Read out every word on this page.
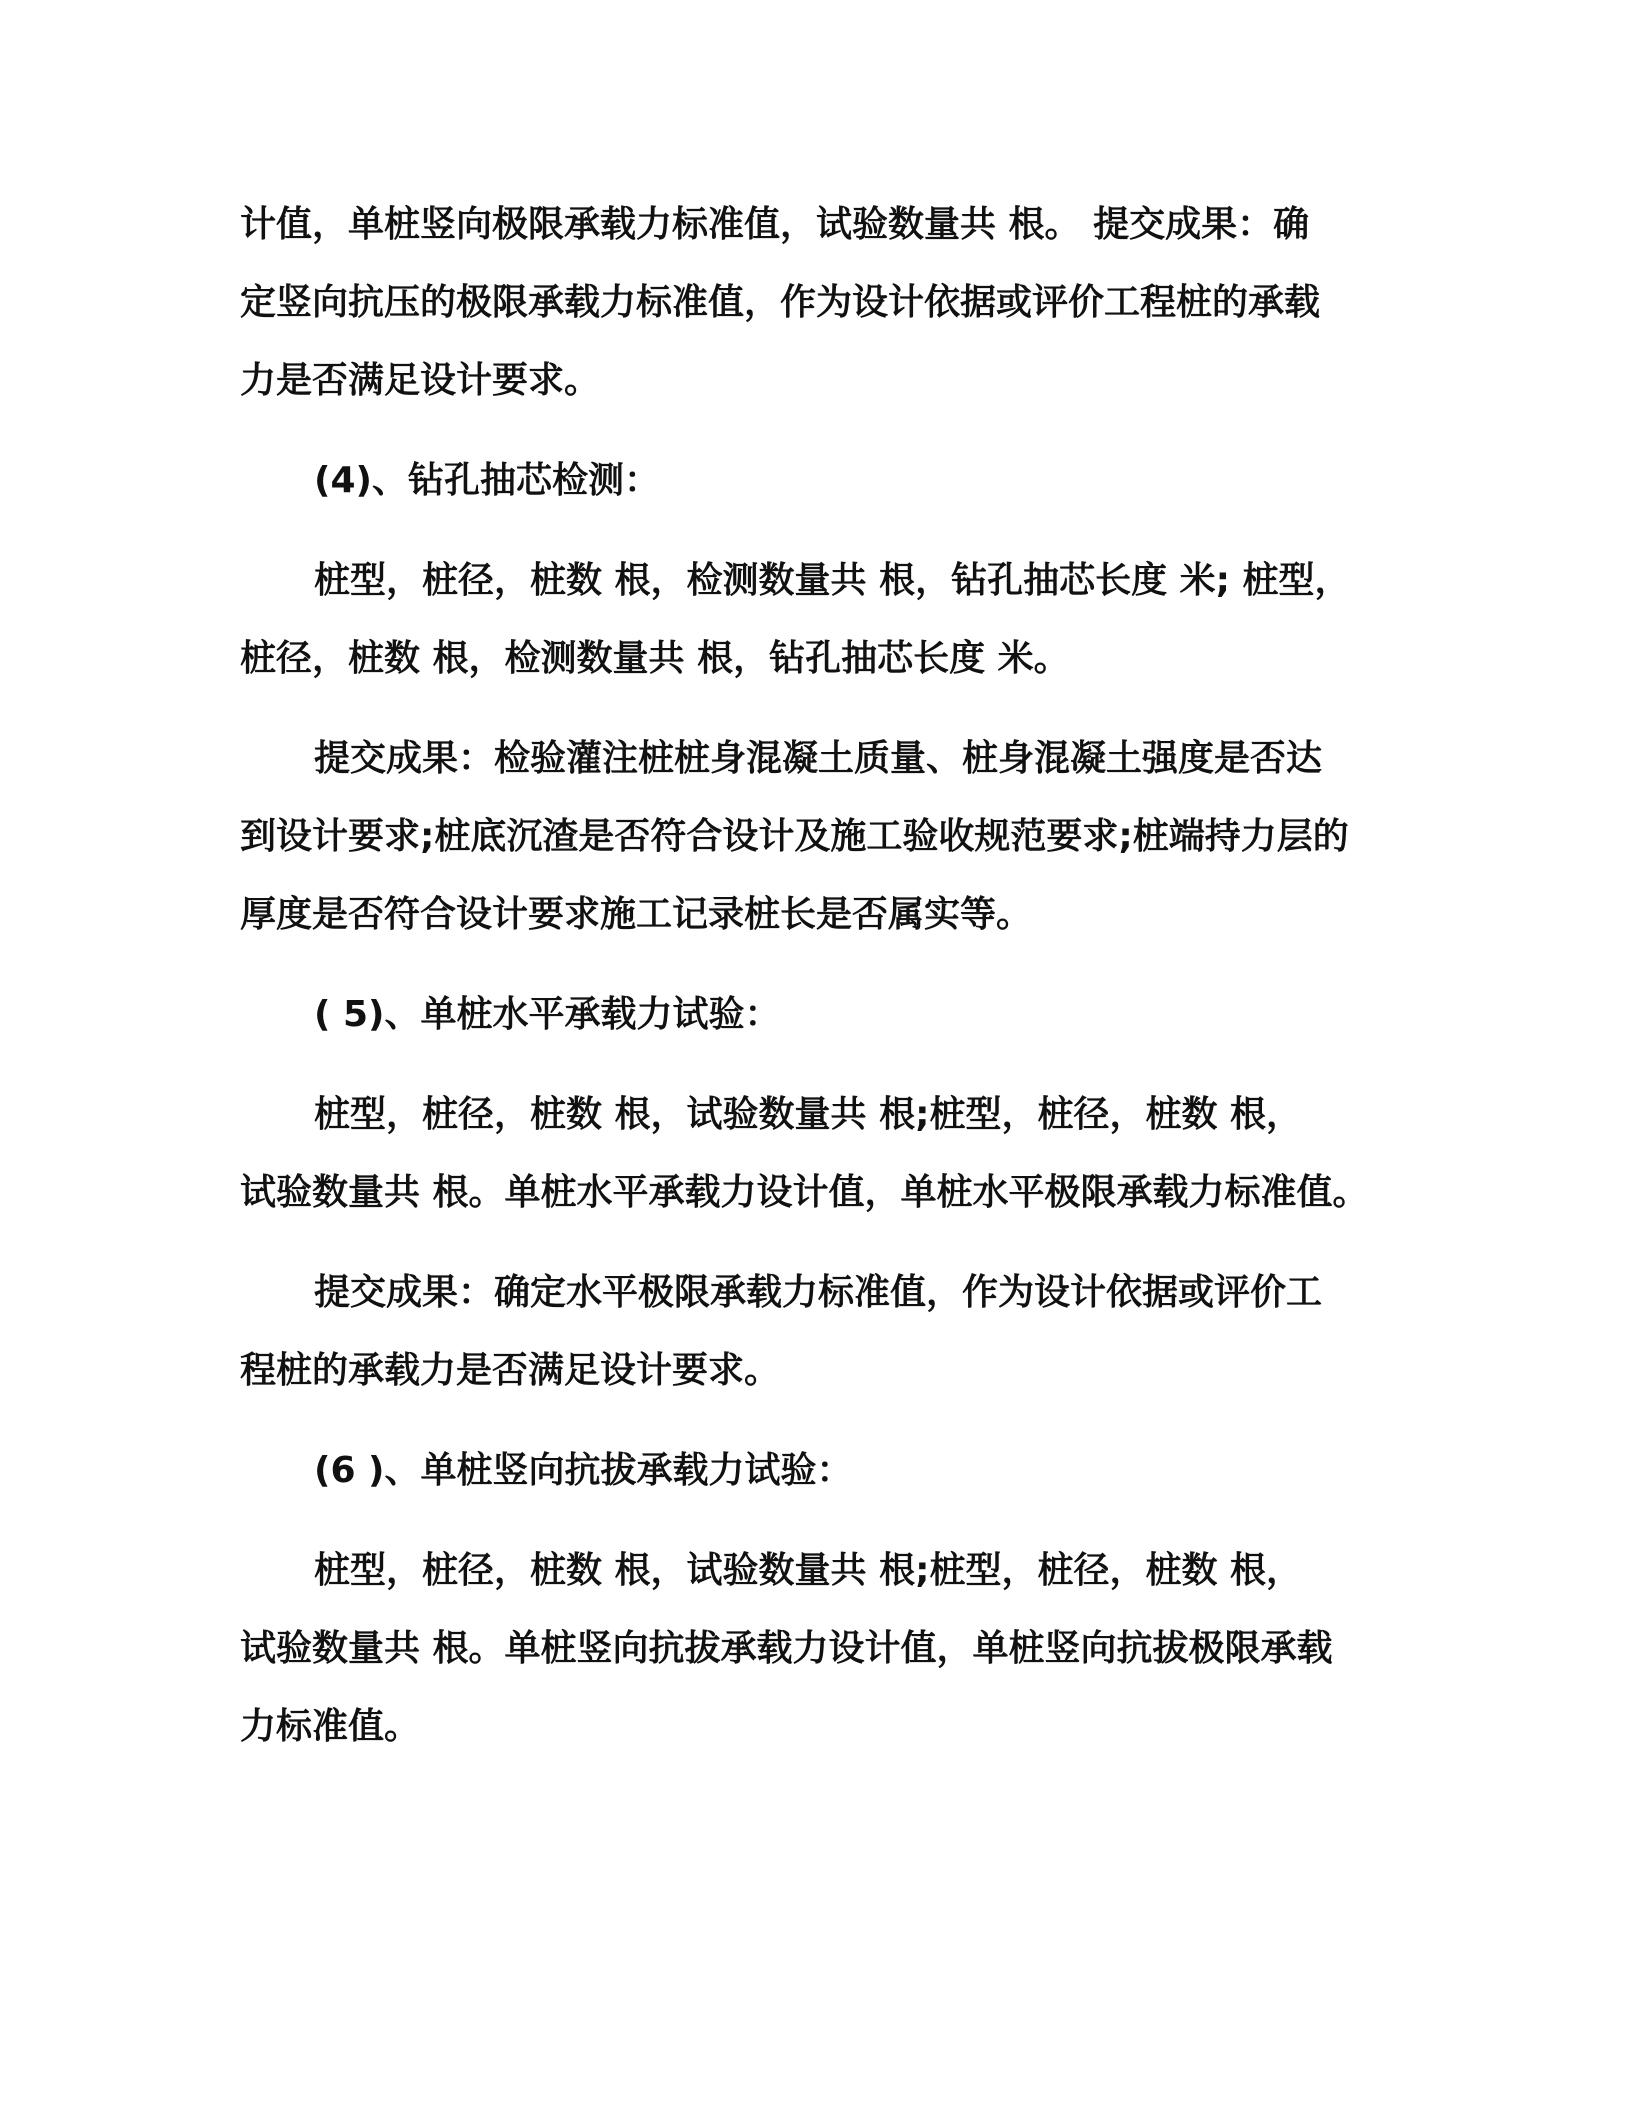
计值，单桩竖向极限承载力标准值，试验数量共 根。 提交成果：确
定竖向抗压的极限承载力标准值，作为设计依据或评价工程桩的承载
力是否满足设计要求。

(4)、钻孔抽芯检测：

桩型，桩径，桩数 根，检测数量共 根，钻孔抽芯长度 米; 桩型，
桩径，桩数 根，检测数量共 根，钻孔抽芯长度 米。

提交成果：检验灌注桩桩身混凝土质量、桩身混凝土强度是否达
到设计要求;桩底沉渣是否符合设计及施工验收规范要求;桩端持力层的
厚度是否符合设计要求施工记录桩长是否属实等。

( 5)、单桩水平承载力试验：

桩型，桩径，桩数 根，试验数量共 根;桩型，桩径，桩数 根，
试验数量共 根。单桩水平承载力设计值，单桩水平极限承载力标准值。

提交成果：确定水平极限承载力标准值，作为设计依据或评价工
程桩的承载力是否满足设计要求。

(6 )、单桩竖向抗拔承载力试验：

桩型，桩径，桩数 根，试验数量共 根;桩型，桩径，桩数 根，
试验数量共 根。单桩竖向抗拔承载力设计值，单桩竖向抗拔极限承载
力标准值。
